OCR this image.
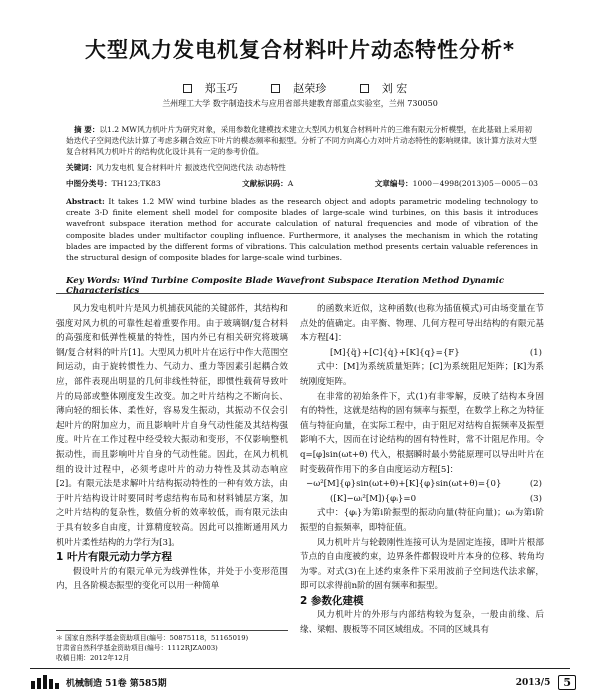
大型风力发电机复合材料叶片动态特性分析*
郑玉巧	赵荣珍	刘 宏
兰州理工大学 数字制造技术与应用省部共建教育部重点实验室，兰州 730050
摘 要：以1.2 MW风力机叶片为研究对象，采用参数化建模技术建立大型风力机复合材料叶片的三维有限元分析模型，在此基础上采用初始迭代子空间迭代法计算了考虑多耦合效应下叶片的模态频率和振型。分析了不同方向离心力对叶片动态特性的影响规律。该计算方法对大型复合材料风力机叶片的结构优化设计具有一定的参考价值。
关键词：风力发电机 复合材料叶片 振波迭代空间迭代法 动态特性
中图分类号：TH123;TK83	文献标识码：A	文章编号：1000－4998(2013)05－0005－03
Abstract: It takes 1.2 MW wind turbine blades as the research object and adopts parametric modeling technology to create 3-D finite element shell model for composite blades of large-scale wind turbines, on this basis it introduces wavefront subspace iteration method for accurate calculation of natural frequencies and mode of vibration of the composite blades under multifactor coupling influence. Furthermore, it analyses the mechanism in which the rotating blades are impacted by the different forms of vibrations. This calculation method presents certain valuable references in the structural design of composite blades for large-scale wind turbines.
Key Words: Wind Turbine Composite Blade Wavefront Subspace Iteration Method Dynamic Characteristics

风力发电机叶片是风力机捕获风能的关键部件，其结构和强度对风力机的可靠性起着重要作用。由于玻璃钢/复合材料的高强度和低弹性模量的特性，国内外已有相关研究将玻璃钢/复合材料的叶片[1]。大型风力机叶片在运行中作大范围空间运动，由于旋转惯性力、气动力、重力等因素引起耦合效应，部件表现出明显的几何非线性特征，即惯性载荷导致叶片的局部或整体刚度发生改变。加之叶片结构之不断向长、薄向轻的细长体、柔性好，容易发生振动，其振动不仅会引起叶片的附加应力，而且影响叶片自身气动性能及其结构强度。叶片在工作过程中经受较大振动和变形，不仅影响整机振动性，而且影响叶片自身的气动性能。因此，在风力机机组的设计过程中，必须考虑叶片的动力特性及其动态响应[2]。有限元法是求解叶片结构振动特性的一种有效方法，由于叶片结构设计时要同时考虑结构布局和材料铺层方案，加之叶片结构的复杂性，数值分析的效率较低，而有限元法由于具有较多自由度，计算精度较高。因此可以推断通用风力机叶片柔性结构的力学行为[3]。

1 叶片有限元动力学方程

假设叶片的有限元单元为线弹性体，并处于小变形范围内，且各阶模态振型的变化可以用一种简单

＊ 国家自然科学基金资助项目(编号：50875118，51165019)
甘肃省自然科学基金资助项目(编号：1112RJZA003)
收稿日期：2012年12月

的函数来近似，这种函数(也称为插值模式)可由场变量在节点处的值确定。由平衡、物理、几何方程可导出结构的有限元基本方程[4]：

[M]{q̈}+[C]{q̇}+[K]{q}={F}	(1)

式中：[M]为系统质量矩阵；[C]为系统阻尼矩阵；[K]为系统刚度矩阵。

在非常的初始条件下，式(1)有非零解，反映了结构本身固有的特性，这就是结构的固有频率与振型，在数学上称之为特征值与特征向量，在实际工程中，由于阻尼对结构自振频率及振型影响不大，因而在讨论结构的固有特性时，常不计阻尼作用。令 q=[φ]sin(ωt+θ) 代入，根据瞬时最小势能原理可以导出叶片在时变载荷作用下的多自由度运动方程[5]：

−ω²[M]{φ}sin(ωt+θ)+[K]{φ}sin(ωt+θ)={0}	(2)
([K]−ωᵢ²[M]){φᵢ}=0	(3)

式中：{φᵢ}为第i阶振型的振动向量(特征向量)；ωᵢ为第i阶振型的自振频率，即特征值。

风力机叶片与轮毂刚性连接可认为是固定连接，即叶片根部节点的自由度被约束，边界条件都假设叶片本身的位移、转角均为零。对式(3)在上述约束条件下采用波前子空间迭代法求解，即可以求得前n阶的固有频率和振型。

2 参数化建模

风力机叶片的外形与内部结构较为复杂，一般由前缘、后缘、梁帽、腹板等不同区域组成。不同的区域具有

机械制造 51卷 第585期	2013/5	5
